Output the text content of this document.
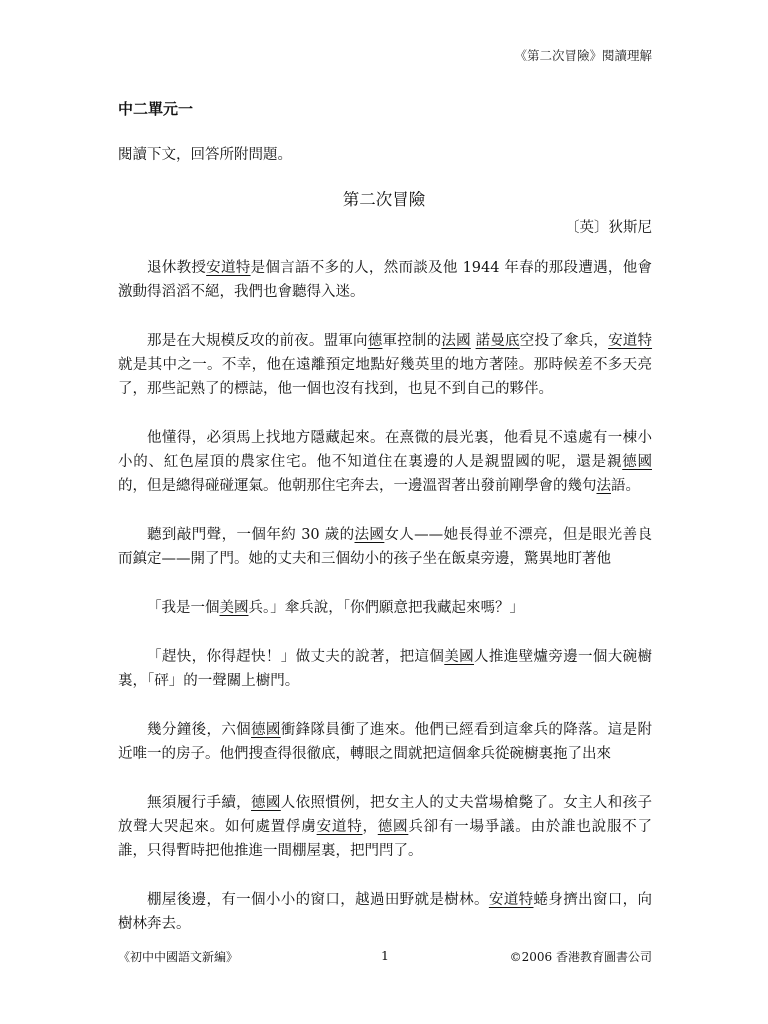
《第二次冒險》閱讀理解
中二單元一
閱讀下文，回答所附問題。
第二次冒險
〔英〕狄斯尼

退休教授安道特是個言語不多的人，然而談及他 1944 年春的那段遭遇，他會激動得滔滔不絕，我們也會聽得入迷。

那是在大規模反攻的前夜。盟軍向德軍控制的法國 諾曼底空投了傘兵，安道特就是其中之一。不幸，他在遠離預定地點好幾英里的地方著陸。那時候差不多天亮了，那些記熟了的標誌，他一個也沒有找到，也見不到自己的夥伴。

他懂得，必須馬上找地方隱藏起來。在熹微的晨光裏，他看見不遠處有一棟小小的、紅色屋頂的農家住宅。他不知道住在裏邊的人是親盟國的呢，還是親德國的，但是總得碰碰運氣。他朝那住宅奔去，一邊溫習著出發前剛學會的幾句法語。

聽到敲門聲，一個年約 30 歲的法國女人——她長得並不漂亮，但是眼光善良而鎮定——開了門。她的丈夫和三個幼小的孩子坐在飯桌旁邊，驚異地盯著他

「我是一個美國兵。」傘兵說，「你們願意把我藏起來嗎？」

「趕快，你得趕快！」做丈夫的說著，把這個美國人推進壁爐旁邊一個大碗櫥裏，「砰」的一聲關上櫥門。

幾分鐘後，六個德國衝鋒隊員衝了進來。他們已經看到這傘兵的降落。這是附近唯一的房子。他們搜查得很徹底，轉眼之間就把這個傘兵從碗櫥裏拖了出來

無須履行手續，德國人依照慣例，把女主人的丈夫當場槍斃了。女主人和孩子放聲大哭起來。如何處置俘虜安道特，德國兵卻有一場爭議。由於誰也說服不了誰，只得暫時把他推進一間棚屋裏，把門閂了。

棚屋後邊，有一個小小的窗口，越過田野就是樹林。安道特蜷身擠出窗口，向樹林奔去。

《初中中國語文新編》	1	©2006 香港教育圖書公司
